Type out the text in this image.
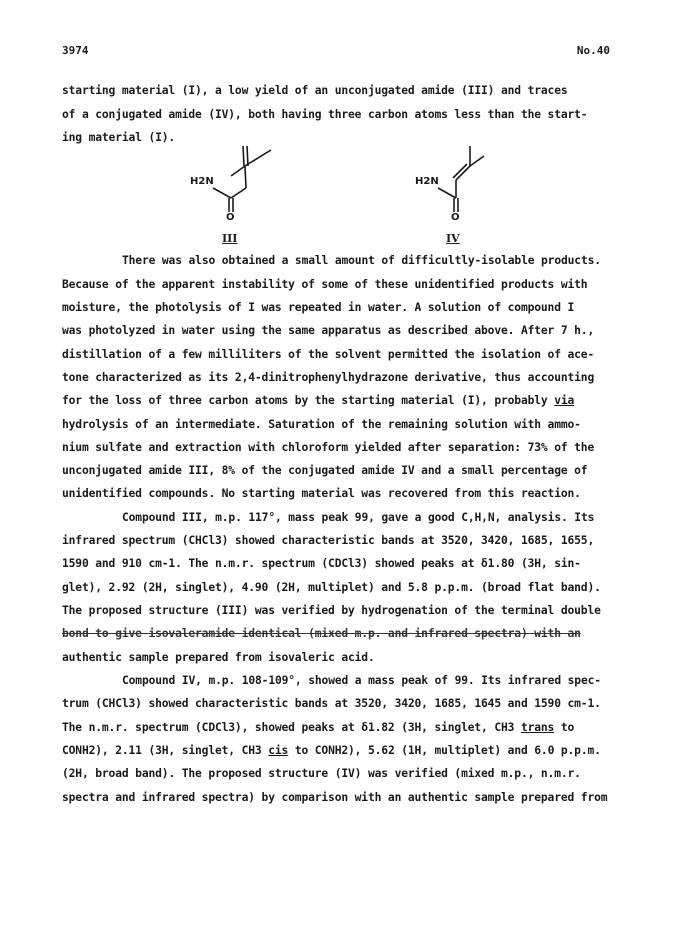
3974	No.40
starting material (I), a low yield of an unconjugated amide (III) and traces
of a conjugated amide (IV), both having three carbon atoms less than the start-
ing material (I).
H2N
O
III
H2N
O
IV
There was also obtained a small amount of difficultly-isolable products.
Because of the apparent instability of some of these unidentified products with
moisture, the photolysis of I was repeated in water. A solution of compound I
was photolyzed in water using the same apparatus as described above. After 7 h.,
distillation of a few milliliters of the solvent permitted the isolation of ace-
tone characterized as its 2,4-dinitrophenylhydrazone derivative, thus accounting
for the loss of three carbon atoms by the starting material (I), probably via
hydrolysis of an intermediate. Saturation of the remaining solution with ammo-
nium sulfate and extraction with chloroform yielded after separation: 73% of the
unconjugated amide III, 8% of the conjugated amide IV and a small percentage of
unidentified compounds. No starting material was recovered from this reaction.
Compound III, m.p. 117°, mass peak 99, gave a good C,H,N, analysis. Its
infrared spectrum (CHCl3) showed characteristic bands at 3520, 3420, 1685, 1655,
1590 and 910 cm-1. The n.m.r. spectrum (CDCl3) showed peaks at δ1.80 (3H, sin-
glet), 2.92 (2H, singlet), 4.90 (2H, multiplet) and 5.8 p.p.m. (broad flat band).
The proposed structure (III) was verified by hydrogenation of the terminal double
bond to give isovaleramide identical (mixed m.p. and infrared spectra) with an
authentic sample prepared from isovaleric acid.
Compound IV, m.p. 108-109°, showed a mass peak of 99. Its infrared spec-
trum (CHCl3) showed characteristic bands at 3520, 3420, 1685, 1645 and 1590 cm-1.
The n.m.r. spectrum (CDCl3), showed peaks at δ1.82 (3H, singlet, CH3 trans to
CONH2), 2.11 (3H, singlet, CH3 cis to CONH2), 5.62 (1H, multiplet) and 6.0 p.p.m.
(2H, broad band). The proposed structure (IV) was verified (mixed m.p., n.m.r.
spectra and infrared spectra) by comparison with an authentic sample prepared from
